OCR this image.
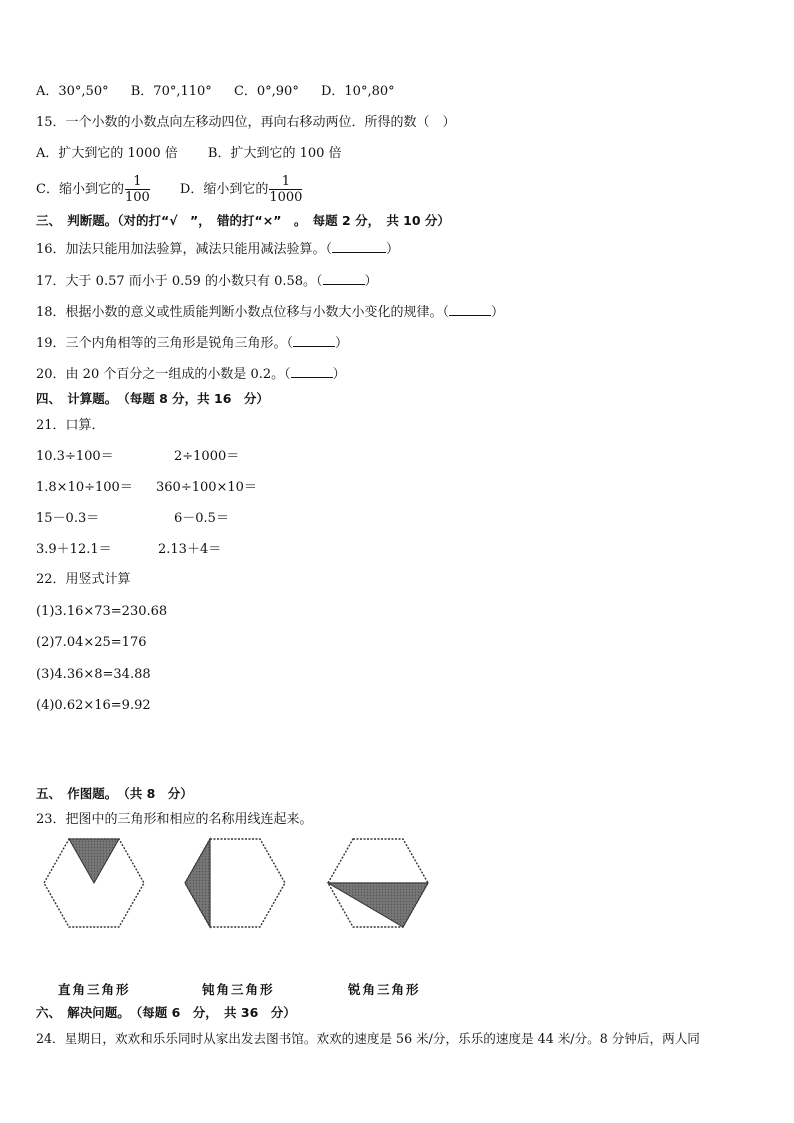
A．30°,50° B．70°,110° C．0°,90° D．10°,80°
15．一个小数的小数点向左移动四位，再向右移动两位．所得的数（　）
A．扩大到它的 1000 倍 B．扩大到它的 100 倍
C．缩小到它的 $\frac{1}{100}$ D．缩小到它的 $\frac{1}{1000}$
三、　判断题。（对的打“√　”，　错的打“×”　。　每题 2 分，　共 10 分）
16．加法只能用加法验算，减法只能用减法验算。（	）
17．大于 0.57 而小于 0.59 的小数只有 0.58。（	）
18．根据小数的意义或性质能判断小数点位移与小数大小变化的规律。（	）
19．三个内角相等的三角形是锐角三角形。（	）
20．由 20 个百分之一组成的小数是 0.2。（	）
四、　计算题。　（每题 8 分，共 16　分）
21．口算．
10.3÷100＝	2÷1000＝
1.8×10÷100＝ 360÷100×10＝
15－0.3＝	6－0.5＝
3.9＋12.1＝	2.13＋4＝
22．用竖式计算
(1)3.16×73=230.68
(2)7.04×25=176
(3)4.36×8=34.88
(4)0.62×16=9.92
五、　作图题。　（共 8　分）
23．把图中的三角形和相应的名称用线连起来。
直角三角形	钝角三角形	锐角三角形
六、　解决问题。　（每题 6　分，　共 36　分）
24．星期日，欢欢和乐乐同时从家出发去图书馆。欢欢的速度是 56 米/分，乐乐的速度是 44 米/分。8 分钟后，两人同
